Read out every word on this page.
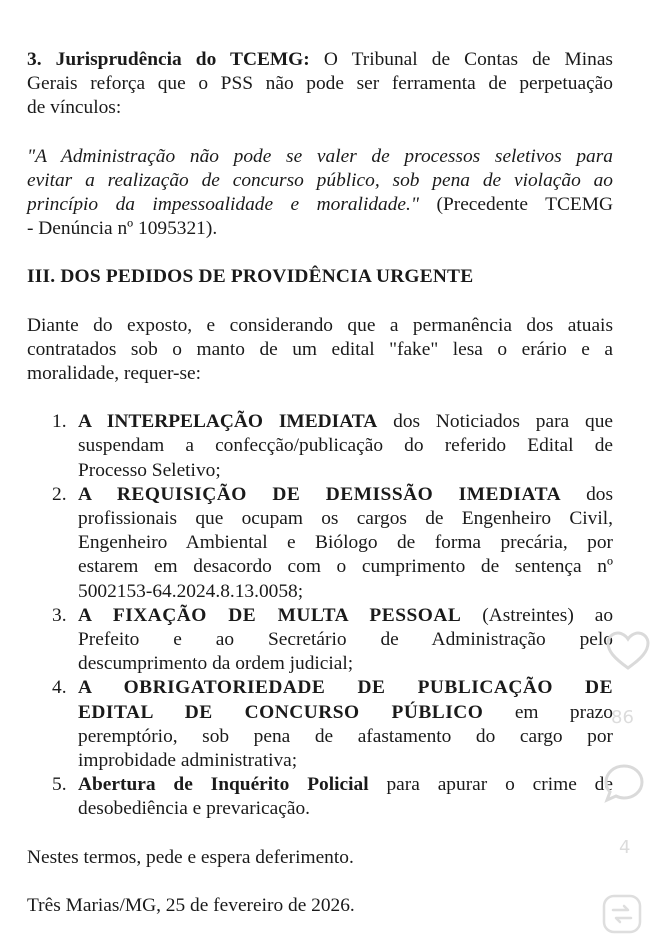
3. Jurisprudência do TCEMG: O Tribunal de Contas de Minas
Gerais reforça que o PSS não pode ser ferramenta de perpetuação
de vínculos:

"A Administração não pode se valer de processos seletivos para
evitar a realização de concurso público, sob pena de violação ao
princípio da impessoalidade e moralidade." (Precedente TCEMG
- Denúncia nº 1095321).

III. DOS PEDIDOS DE PROVIDÊNCIA URGENTE

Diante do exposto, e considerando que a permanência dos atuais
contratados sob o manto de um edital "fake" lesa o erário e a
moralidade, requer-se:

1. A INTERPELAÇÃO IMEDIATA dos Noticiados para que
suspendam a confecção/publicação do referido Edital de
Processo Seletivo;
2. A REQUISIÇÃO DE DEMISSÃO IMEDIATA dos
profissionais que ocupam os cargos de Engenheiro Civil,
Engenheiro Ambiental e Biólogo de forma precária, por
estarem em desacordo com o cumprimento de sentença nº
5002153-64.2024.8.13.0058;
3. A FIXAÇÃO DE MULTA PESSOAL (Astreintes) ao
Prefeito e ao Secretário de Administração pelo
descumprimento da ordem judicial;
4. A OBRIGATORIEDADE DE PUBLICAÇÃO DE
EDITAL DE CONCURSO PÚBLICO em prazo
peremptório, sob pena de afastamento do cargo por
improbidade administrativa;
5. Abertura de Inquérito Policial para apurar o crime de
desobediência e prevaricação.

Nestes termos, pede e espera deferimento.

Três Marias/MG, 25 de fevereiro de 2026.

86
4
